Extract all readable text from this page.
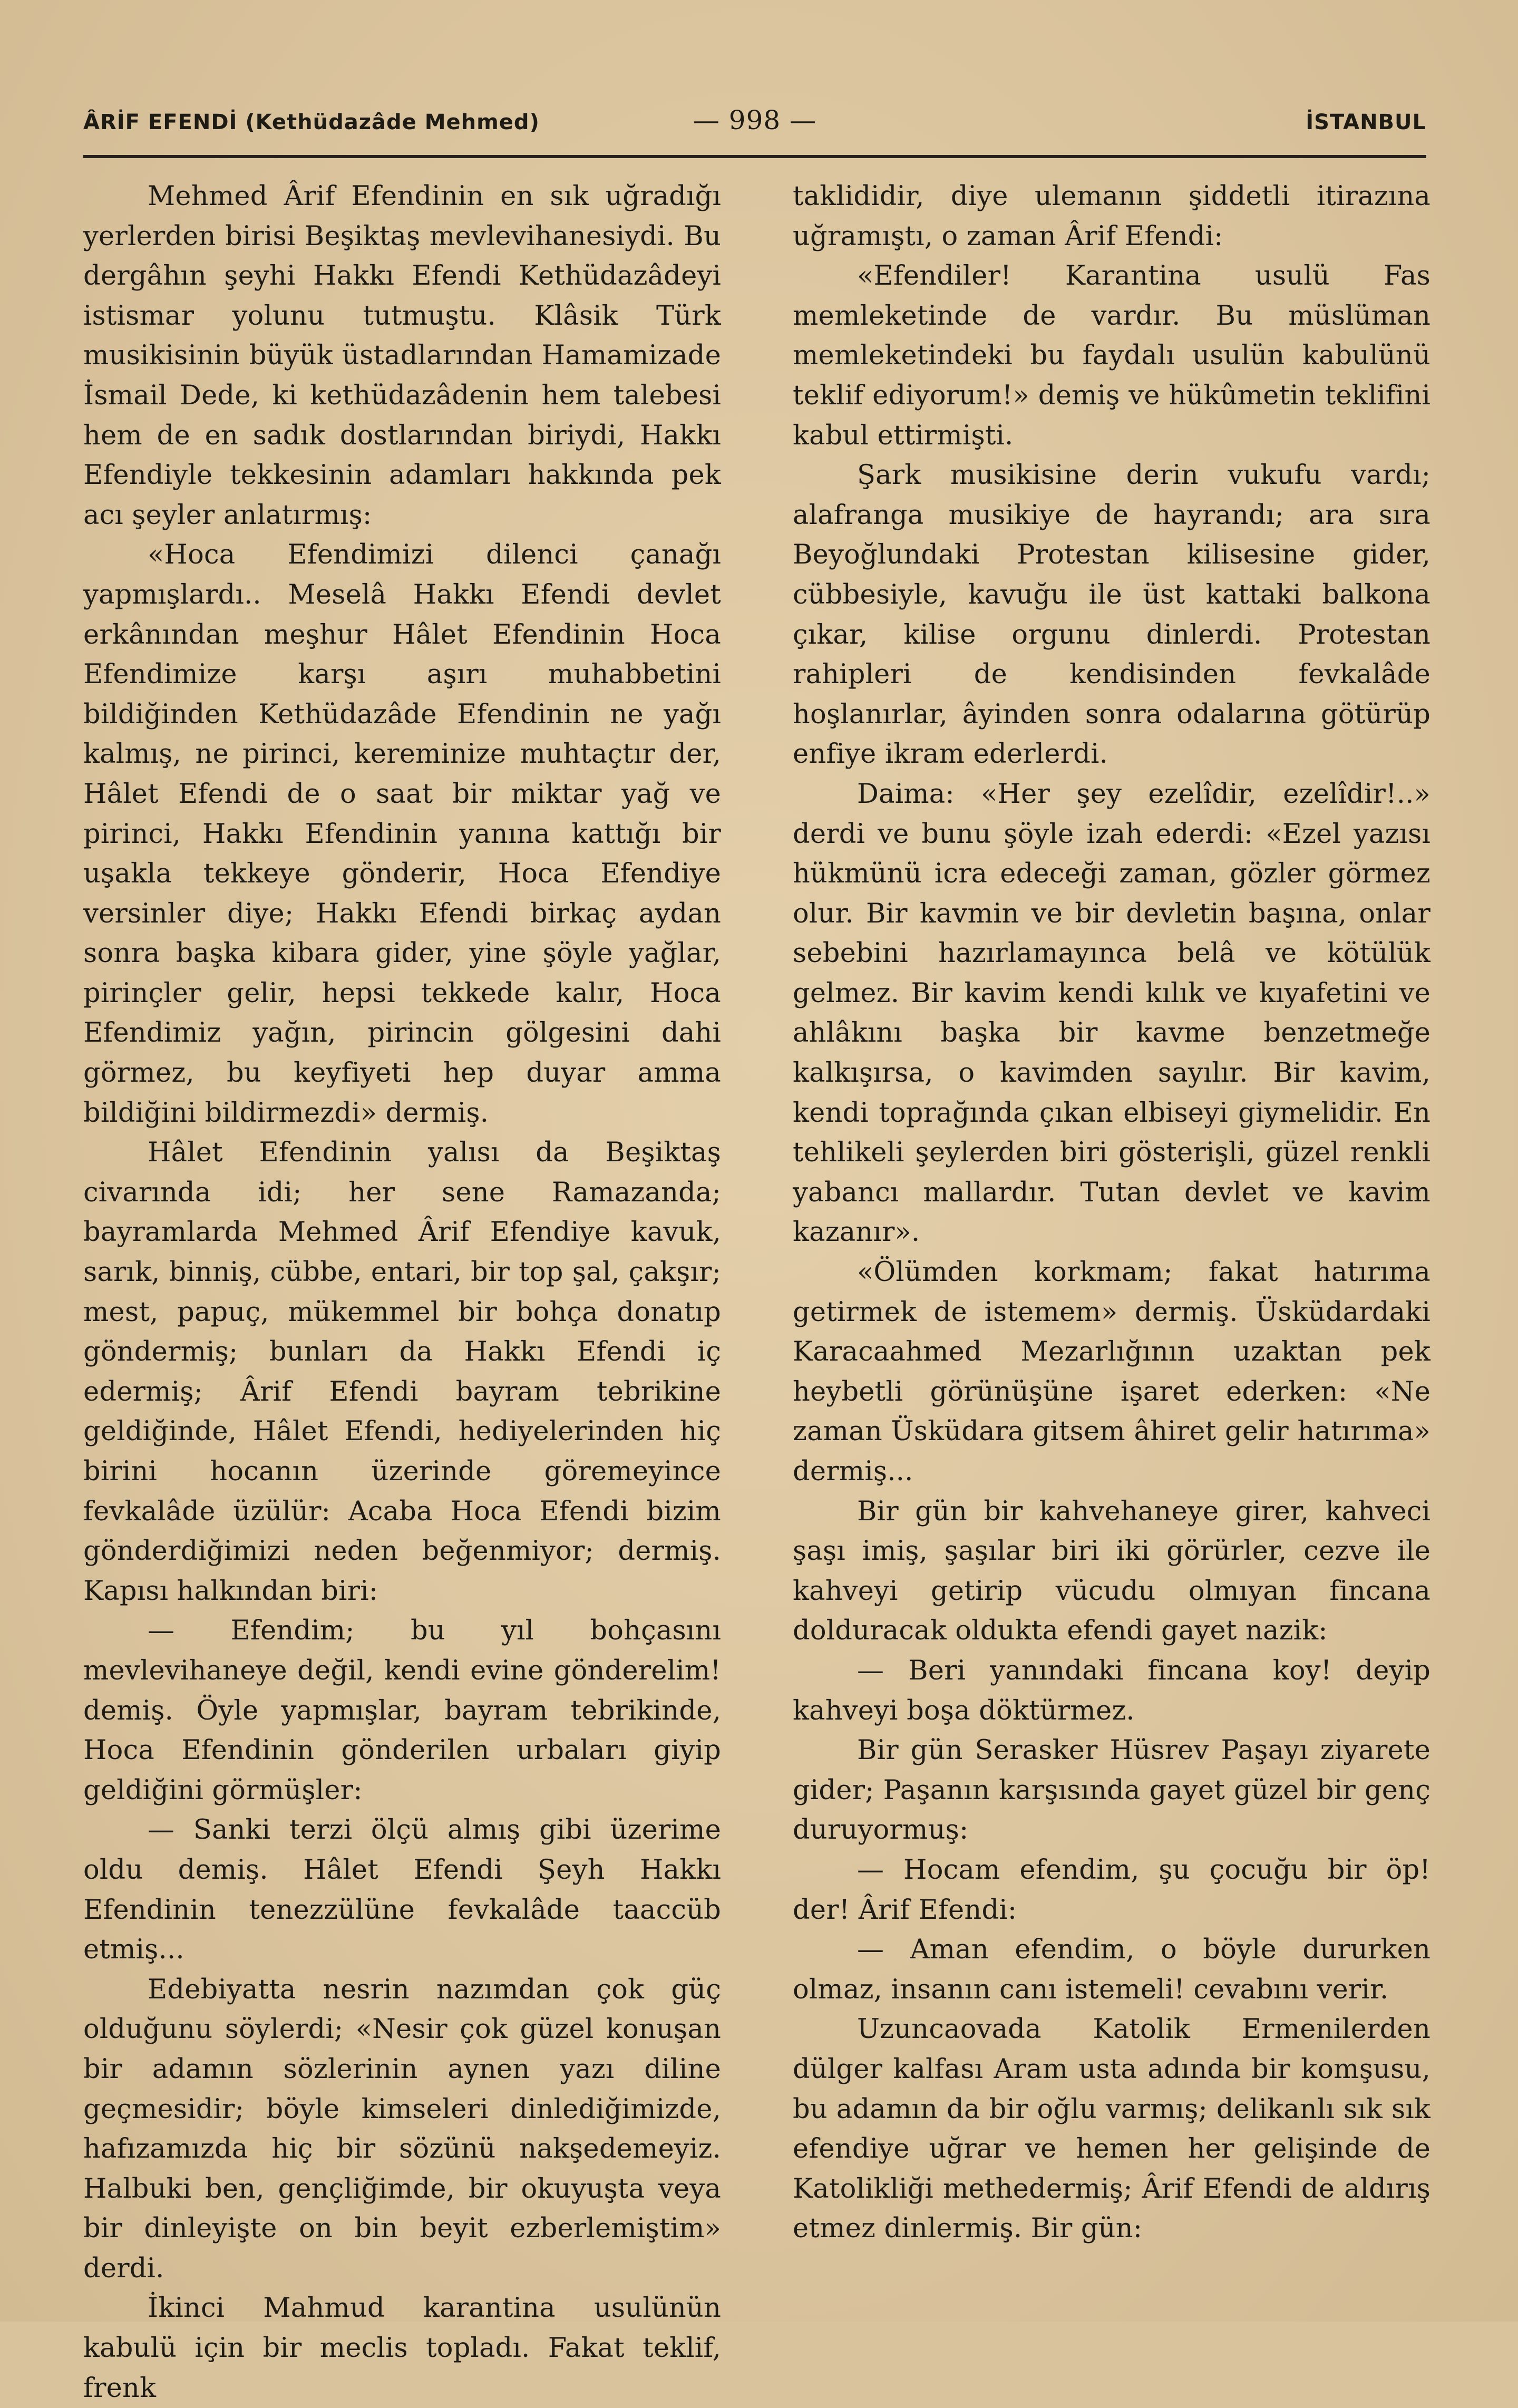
ÂRİF EFENDİ (Kethüdazâde Mehmed)	— 998 —	İSTANBUL

Mehmed Ârif Efendinin en sık uğradığı yerlerden birisi Beşiktaş mevlevihanesiydi. Bu dergâhın şeyhi Hakkı Efendi Kethüdazâdeyi istismar yolunu tutmuştu. Klâsik Türk musikisinin büyük üstadlarından Hamamizade İsmail Dede, ki kethüdazâdenin hem talebesi hem de en sadık dostlarından biriydi, Hakkı Efendiyle tekkesinin adamları hakkında pek acı şeyler anlatırmış:

«Hoca Efendimizi dilenci çanağı yapmışlardı.. Meselâ Hakkı Efendi devlet erkânından meşhur Hâlet Efendinin Hoca Efendimize karşı aşırı muhabbetini bildiğinden Kethüdazâde Efendinin ne yağı kalmış, ne pirinci, kereminize muhtaçtır der, Hâlet Efendi de o saat bir miktar yağ ve pirinci, Hakkı Efendinin yanına kattığı bir uşakla tekkeye gönderir, Hoca Efendiye versinler diye; Hakkı Efendi birkaç aydan sonra başka kibara gider, yine şöyle yağlar, pirinçler gelir, hepsi tekkede kalır, Hoca Efendimiz yağın, pirincin gölgesini dahi görmez, bu keyfiyeti hep duyar amma bildiğini bildirmezdi» dermiş.

Hâlet Efendinin yalısı da Beşiktaş civarında idi; her sene Ramazanda; bayramlarda Mehmed Ârif Efendiye kavuk, sarık, binniş, cübbe, entari, bir top şal, çakşır; mest, papuç, mükemmel bir bohça donatıp göndermiş; bunları da Hakkı Efendi iç edermiş; Ârif Efendi bayram tebrikine geldiğinde, Hâlet Efendi, hediyelerinden hiç birini hocanın üzerinde göremeyince fevkalâde üzülür: Acaba Hoca Efendi bizim gönderdiğimizi neden beğenmiyor; dermiş. Kapısı halkından biri:

— Efendim; bu yıl bohçasını mevlevihaneye değil, kendi evine gönderelim! demiş. Öyle yapmışlar, bayram tebrikinde, Hoca Efendinin gönderilen urbaları giyip geldiğini görmüşler:

— Sanki terzi ölçü almış gibi üzerime oldu demiş. Hâlet Efendi Şeyh Hakkı Efendinin tenezzülüne fevkalâde taaccüb etmiş...

Edebiyatta nesrin nazımdan çok güç olduğunu söylerdi; «Nesir çok güzel konuşan bir adamın sözlerinin aynen yazı diline geçmesidir; böyle kimseleri dinlediğimizde, hafızamızda hiç bir sözünü nakşedemeyiz. Halbuki ben, gençliğimde, bir okuyuşta veya bir dinleyişte on bin beyit ezberlemiştim» derdi.

İkinci Mahmud karantina usulünün kabulü için bir meclis topladı. Fakat teklif, frenk

taklididir, diye ulemanın şiddetli itirazına uğramıştı, o zaman Ârif Efendi:

«Efendiler! Karantina usulü Fas memleketinde de vardır. Bu müslüman memleketindeki bu faydalı usulün kabulünü teklif ediyorum!» demiş ve hükûmetin teklifini kabul ettirmişti.

Şark musikisine derin vukufu vardı; alafranga musikiye de hayrandı; ara sıra Beyoğlundaki Protestan kilisesine gider, cübbesiyle, kavuğu ile üst kattaki balkona çıkar, kilise orgunu dinlerdi. Protestan rahipleri de kendisinden fevkalâde hoşlanırlar, âyinden sonra odalarına götürüp enfiye ikram ederlerdi.

Daima: «Her şey ezelîdir, ezelîdir!..» derdi ve bunu şöyle izah ederdi: «Ezel yazısı hükmünü icra edeceği zaman, gözler görmez olur. Bir kavmin ve bir devletin başına, onlar sebebini hazırlamayınca belâ ve kötülük gelmez. Bir kavim kendi kılık ve kıyafetini ve ahlâkını başka bir kavme benzetmeğe kalkışırsa, o kavimden sayılır. Bir kavim, kendi toprağında çıkan elbiseyi giymelidir. En tehlikeli şeylerden biri gösterişli, güzel renkli yabancı mallardır. Tutan devlet ve kavim kazanır».

«Ölümden korkmam; fakat hatırıma getirmek de istemem» dermiş. Üsküdardaki Karacaahmed Mezarlığının uzaktan pek heybetli görünüşüne işaret ederken: «Ne zaman Üsküdara gitsem âhiret gelir hatırıma» dermiş...

Bir gün bir kahvehaneye girer, kahveci şaşı imiş, şaşılar biri iki görürler, cezve ile kahveyi getirip vücudu olmıyan fincana dolduracak oldukta efendi gayet nazik:

— Beri yanındaki fincana koy! deyip kahveyi boşa döktürmez.

Bir gün Serasker Hüsrev Paşayı ziyarete gider; Paşanın karşısında gayet güzel bir genç duruyormuş:

— Hocam efendim, şu çocuğu bir öp! der! Ârif Efendi:

— Aman efendim, o böyle dururken olmaz, insanın canı istemeli! cevabını verir.

Uzuncaovada Katolik Ermenilerden dülger kalfası Aram usta adında bir komşusu, bu adamın da bir oğlu varmış; delikanlı sık sık efendiye uğrar ve hemen her gelişinde de Katolikliği methedermiş; Ârif Efendi de aldırış etmez dinlermiş. Bir gün:
